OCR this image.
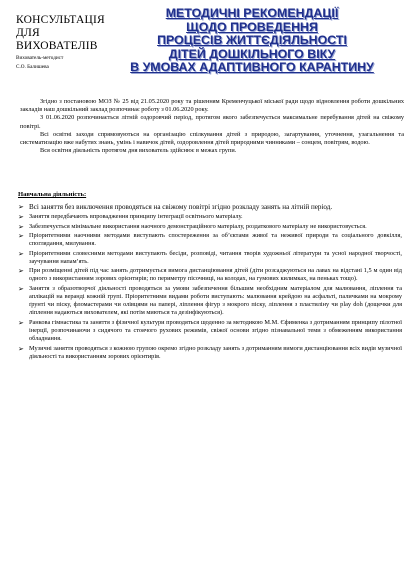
КОНСУЛЬТАЦІЯ
ДЛЯ
ВИХОВАТЕЛІВ
Вихователь-методист
С.О. Балишева
МЕТОДИЧНІ РЕКОМЕНДАЦІЇ
ЩОДО ПРОВЕДЕННЯ
ПРОЦЕСІВ ЖИТТЄДІЯЛЬНОСТІ
ДІТЕЙ ДОШКІЛЬНОГО ВІКУ
В УМОВАХ АДАПТИВНОГО КАРАНТИНУ

Згідно з постановою МОЗ № 25 від 21.05.2020 року та рішенням Кременчуцької міської ради щодо відновлення роботи дошкільних закладів наш дошкільний заклад розпочинає роботу з 01.06.2020 року.

З 01.06.2020 розпочинається літній оздоровчий період, протягом якого забезпечується максимальне перебування дітей на свіжому повітрі.

Всі освітні заходи спрямовуються на організацію спілкування дітей з природою, загартування, уточнення, узагальнення та систематизацію вже набутих знань, умінь і навичок дітей, оздоровлення дітей природними чинниками – сонцем, повітрям, водою.

Вся освітня діяльність протягом дня вихователь здійснює в межах групи.

Навчальна діяльність:
➢ Всі заняття без виключення проводяться на свіжому повітрі згідно розкладу занять на літній період.
➢ Заняття передбачають впровадження принципу інтеграції освітнього матеріалу.
➢ Забезпечується мінімальне використання наочного демонстраційного матеріалу, роздаткового матеріалу не використовується.
➢ Пріоритетними наочними методами виступають спостереження за об’єктами живої та неживої природи та соціального довкілля, споглядання, милування.
➢ Пріоритетними словесними методами виступають бесіди, розповіді, читання творів художньої літератури та усної народної творчості, заучування напам’ять.
➢ При розміщенні дітей під час занять дотримується вимога дистанціювання дітей (діти розсаджуються на лавах на відстані 1,5 м один від одного з використанням зорових орієнтирів; по периметру пісочниці, на колодах, на гумових килимках, на пеньках тощо).
➢ Заняття з образотворчої діяльності проводяться за умови забезпечення більшим необхідним матеріалом для малювання, ліплення та аплікацій на веранді кожній групі. Пріоритетними видами роботи виступають: малювання крейдою на асфальті, паличками на мокрому ґрунті чи піску, фломастерами чи олівцями на папері, ліплення фігур з мокрого піску, ліплення з пластиліну чи play doh (дощечки для ліплення надаються вихователем, які потім миються та дезінфікуються).
➢ Ранкова гімнастика та заняття з фізичної культури проводяться щоденно за методикою М.М. Єфименка з дотриманням принципу пілотної інерції, розпочинаючи з сидячого та стоячого рухових режимів, свіжої основи згідно пізнавальної теми з обмеженням використання обладнання.
➢ Музичні заняття проводяться з кожною групою окремо згідно розкладу занять з дотриманням вимоги дистанціювання всіх видів музичної діяльності та використанням зорових орієнтирів.
